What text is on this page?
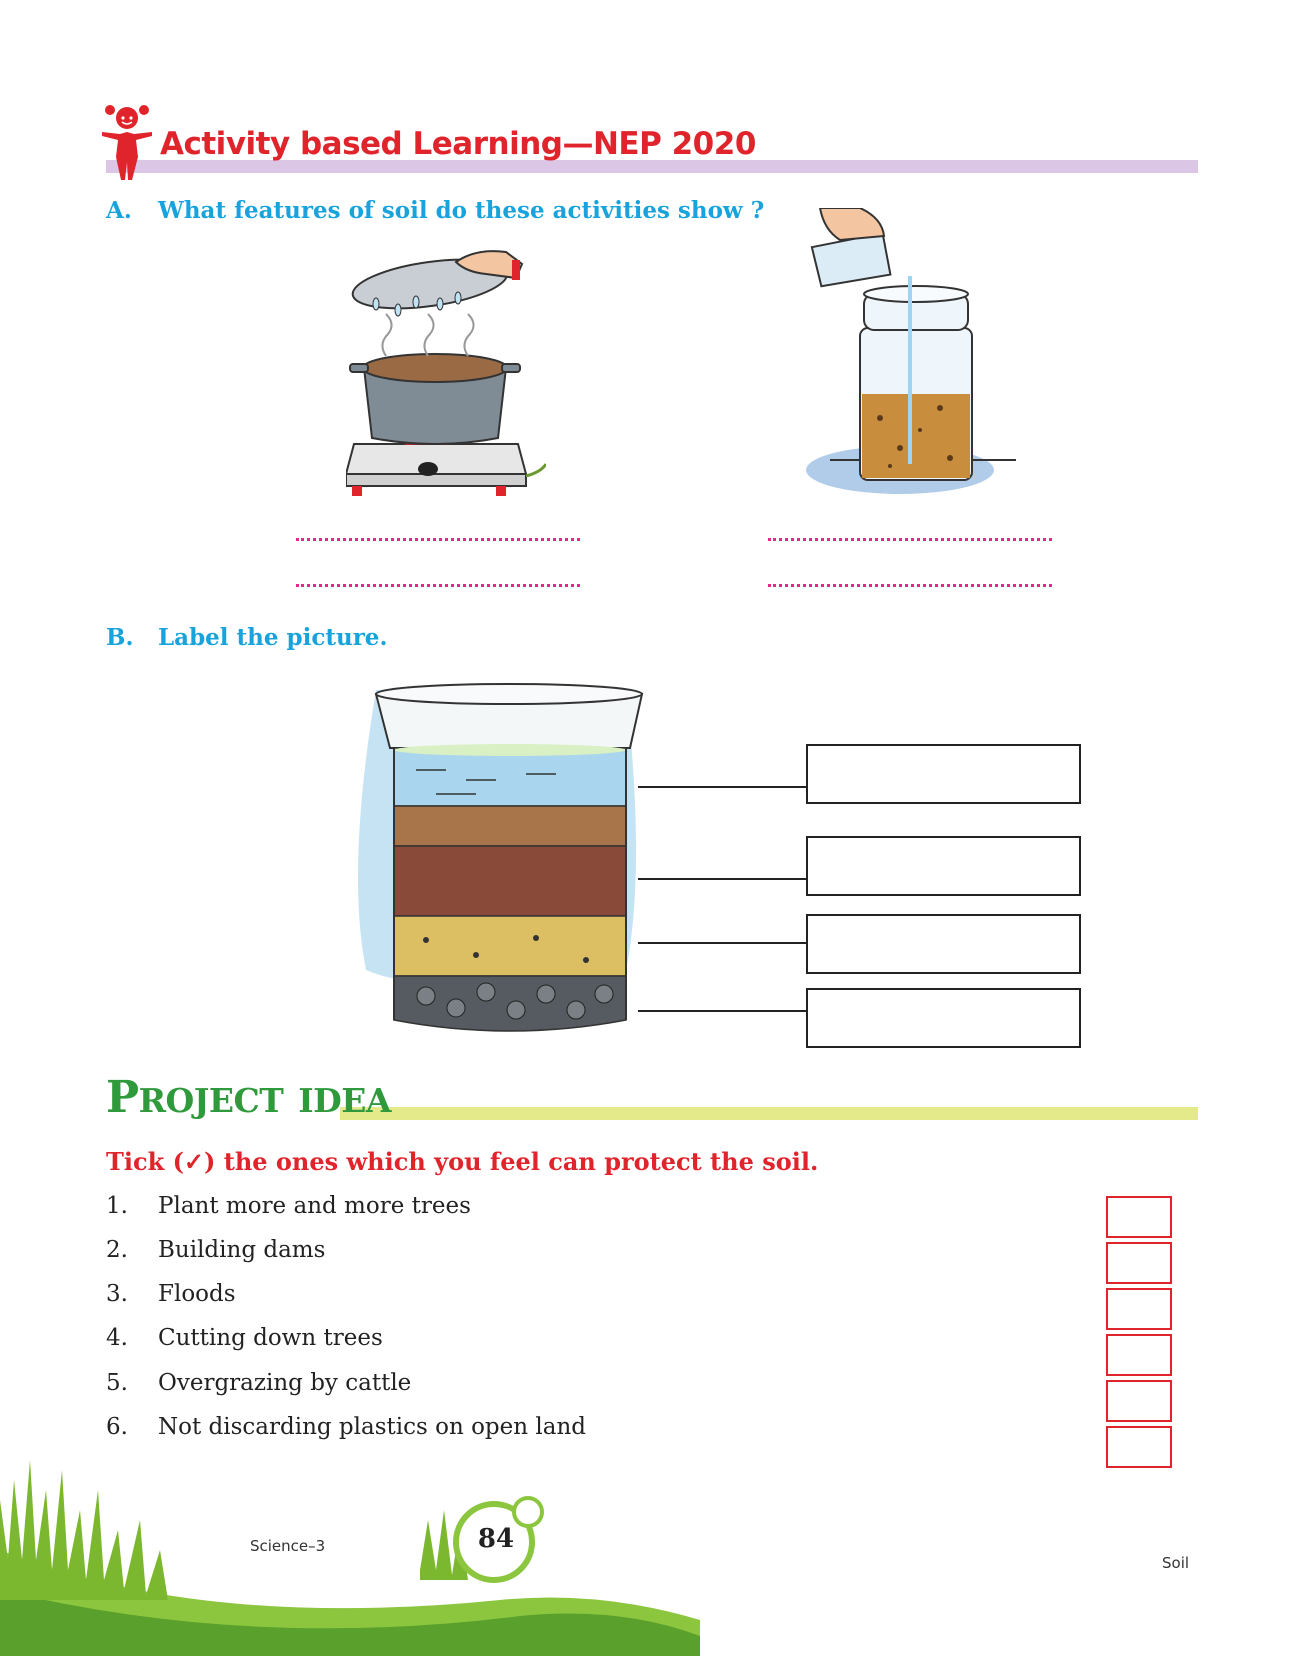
Activity based Learning—NEP 2020
A. What features of soil do these activities show ?
B. Label the picture.
PROJECT IDEA
Tick (✓) the ones which you feel can protect the soil.
1. Plant more and more trees
2. Building dams
3. Floods
4. Cutting down trees
5. Overgrazing by cattle
6. Not discarding plastics on open land
84
Science–3
Soil
